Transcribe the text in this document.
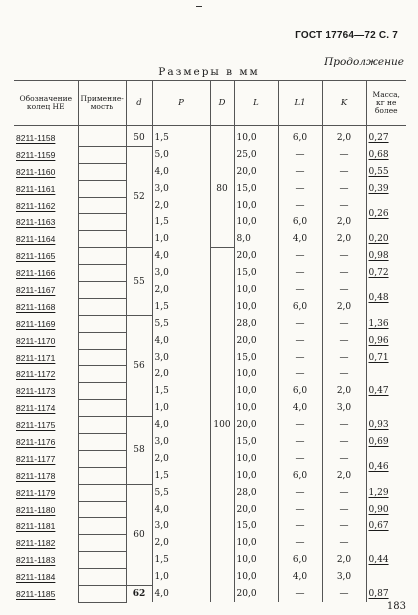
ГОСТ 17764—72 С. 7
Продолжение
Размеры в мм
Обозначение колец НЕ	Применяе-мость	d	P	D	L	L1	K	Масса, кг не более
8211-1158		50	1,5	80	10,0	6,0	2,0	0,27
8211-1159		52	5,0		25,0	—	—	0,68
8211-1160			4,0		20,0	—	—	0,55
8211-1161			3,0		15,0	—	—	0,39
8211-1162			2,0		10,0	—	—	0,26
8211-1163			1,5		10,0	6,0	2,0	
8211-1164			1,0		8,0	4,0	2,0	0,20
8211-1165		55	4,0	100	20,0	—	—	0,98
8211-1166			3,0		15,0	—	—	0,72
8211-1167			2,0		10,0	—	—	0,48
8211-1168			1,5		10,0	6,0	2,0	
8211-1169		56	5,5		28,0	—	—	1,36
8211-1170			4,0		20,0	—	—	0,96
8211-1171			3,0		15,0	—	—	0,71
8211-1172			2,0		10,0	—	—	0,47
8211-1173			1,5		10,0	6,0	2,0	
8211-1174			1,0		10,0	4,0	3,0	
8211-1175		58	4,0		20,0	—	—	0,93
8211-1176			3,0		15,0	—	—	0,69
8211-1177			2,0		10,0	—	—	0,46
8211-1178			1,5		10,0	6,0	2,0	
8211-1179		60	5,5		28,0	—	—	1,29
8211-1180			4,0		20,0	—	—	0,90
8211-1181			3,0		15,0	—	—	0,67
8211-1182			2,0		10,0	—	—	0,44
8211-1183			1,5		10,0	6,0	2,0	
8211-1184			1,0		10,0	4,0	3,0	
8211-1185		62	4,0		20,0	—	—	0,87
183
